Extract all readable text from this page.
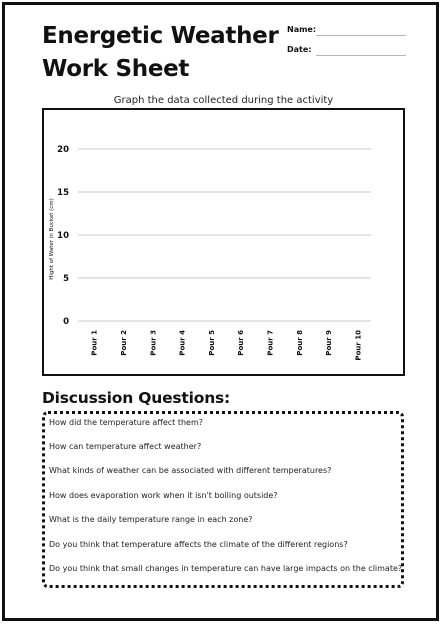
Energetic Weather
Work Sheet
Name:
Date:
Graph the data collected during the activity
0
5
10
15
20
Hight of Water in Bucket (cm)
Pour 1	Pour 2	Pour 3	Pour 4	Pour 5	Pour 6	Pour 7	Pour 8	Pour 9	Pour 10
Discussion Questions:
How did the temperature affect them?
How can temperature affect weather?
What kinds of weather can be associated with different temperatures?
How does evaporation work when it isn't boiling outside?
What is the daily temperature range in each zone?
Do you think that temperature affects the climate of the different regions?
Do you think that small changes in temperature can have large impacts on the climate?
